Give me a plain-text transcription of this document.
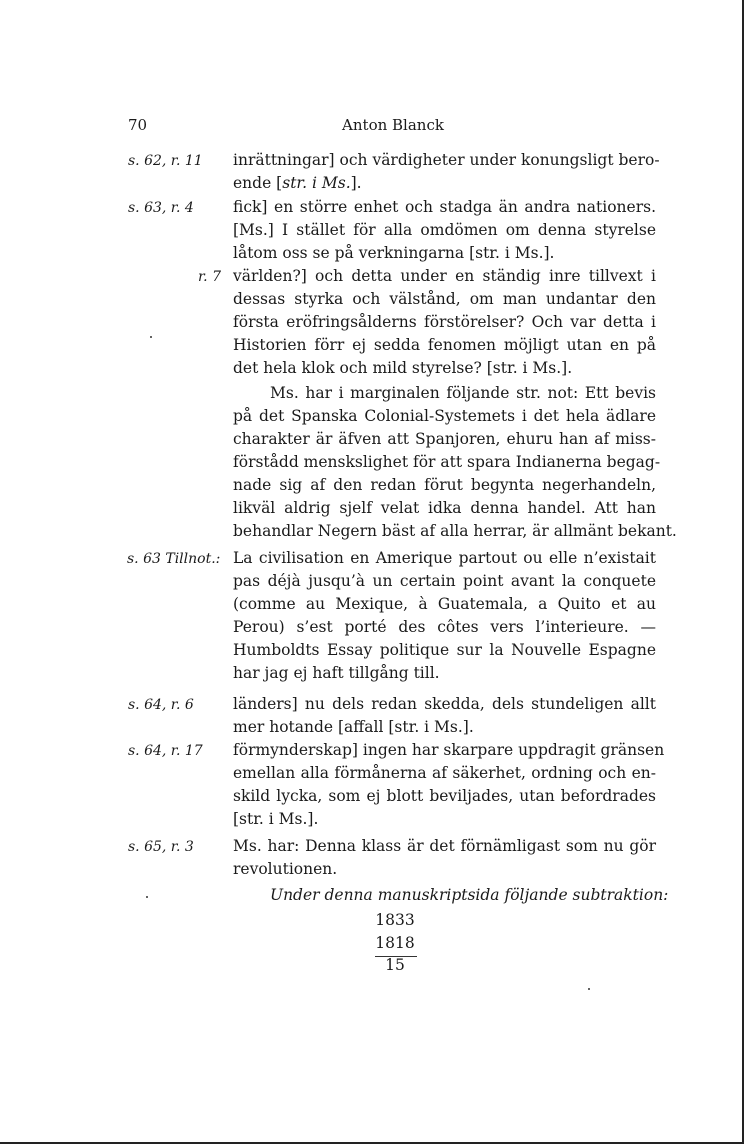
70	Anton Blanck
s. 62, r. 11	inrättningar] och värdigheter under konungsligt bero-
ende [str. i Ms.].
s. 63, r. 4	fick] en större enhet och stadga än andra nationers.
[Ms.] I stället för alla omdömen om denna styrelse
låtom oss se på verkningarna [str. i Ms.].
r. 7 världen?] och detta under en ständig inre tillvext i
dessas styrka och välstånd, om man undantar den
första eröfringsålderns förstörelser? Och var detta i
Historien förr ej sedda fenomen möjligt utan en på
det hela klok och mild styrelse? [str. i Ms.].
Ms. har i marginalen följande str. not: Ett bevis
på det Spanska Colonial-Systemets i det hela ädlare
charakter är äfven att Spanjoren, ehuru han af miss-
förstådd menskslighet för att spara Indianerna begag-
nade sig af den redan förut begynta negerhandeln,
likväl aldrig sjelf velat idka denna handel. Att han
behandlar Negern bäst af alla herrar, är allmänt bekant.
s. 63 Tillnot.: La civilisation en Amerique partout ou elle n’existait
pas déjà jusqu’à un certain point avant la conquete
(comme au Mexique, à Guatemala, a Quito et au
Perou) s’est porté des côtes vers l’interieure. —
Humboldts Essay politique sur la Nouvelle Espagne
har jag ej haft tillgång till.
s. 64, r. 6	länders] nu dels redan skedda, dels stundeligen allt
mer hotande [affall [str. i Ms.].
s. 64, r. 17	förmynderskap] ingen har skarpare uppdragit gränsen
emellan alla förmånerna af säkerhet, ordning och en-
skild lycka, som ej blott beviljades, utan befordrades
[str. i Ms.].
s. 65, r. 3	Ms. har: Denna klass är det förnämligast som nu gör
revolutionen.
Under denna manuskriptsida följande subtraktion:
1833
1818
15
